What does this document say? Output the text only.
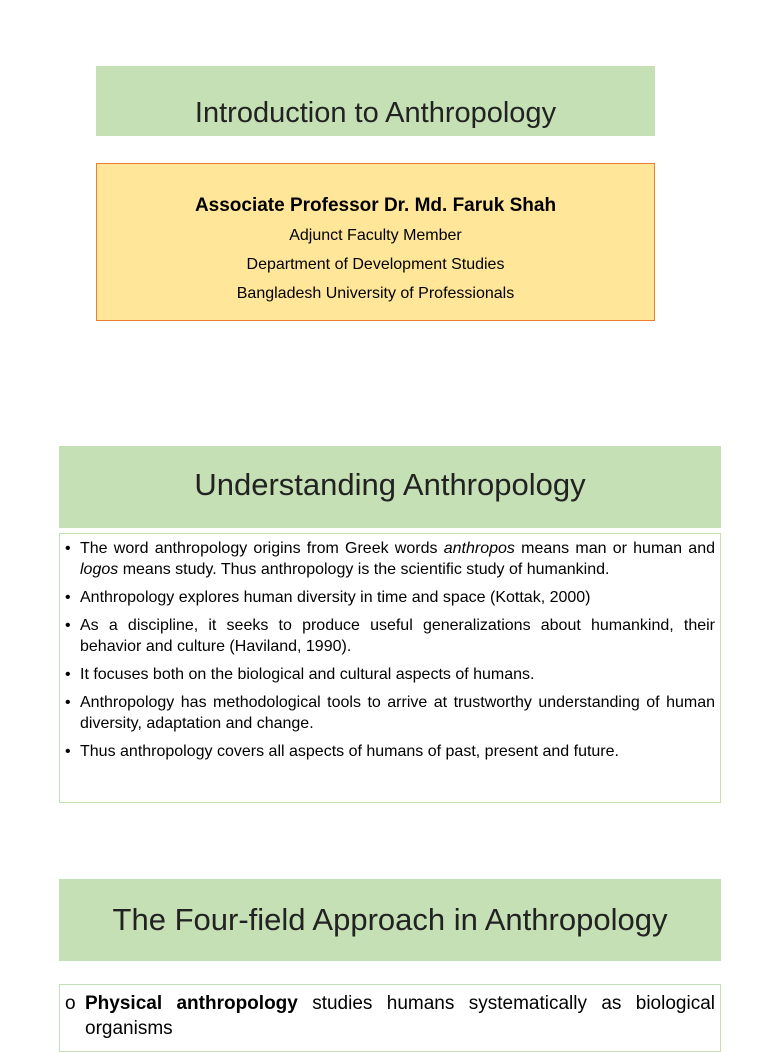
Introduction to Anthropology
Associate Professor Dr. Md. Faruk Shah
Adjunct Faculty Member
Department of Development Studies
Bangladesh University of Professionals
Understanding Anthropology
• The word anthropology origins from Greek words anthropos means man or human and logos means study. Thus anthropology is the scientific study of humankind.
• Anthropology explores human diversity in time and space (Kottak, 2000)
• As a discipline, it seeks to produce useful generalizations about humankind, their behavior and culture (Haviland, 1990).
• It focuses both on the biological and cultural aspects of humans.
• Anthropology has methodological tools to arrive at trustworthy understanding of human diversity, adaptation and change.
• Thus anthropology covers all aspects of humans of past, present and future.
The Four-field Approach in Anthropology

o Physical anthropology studies humans systematically as biological organisms
